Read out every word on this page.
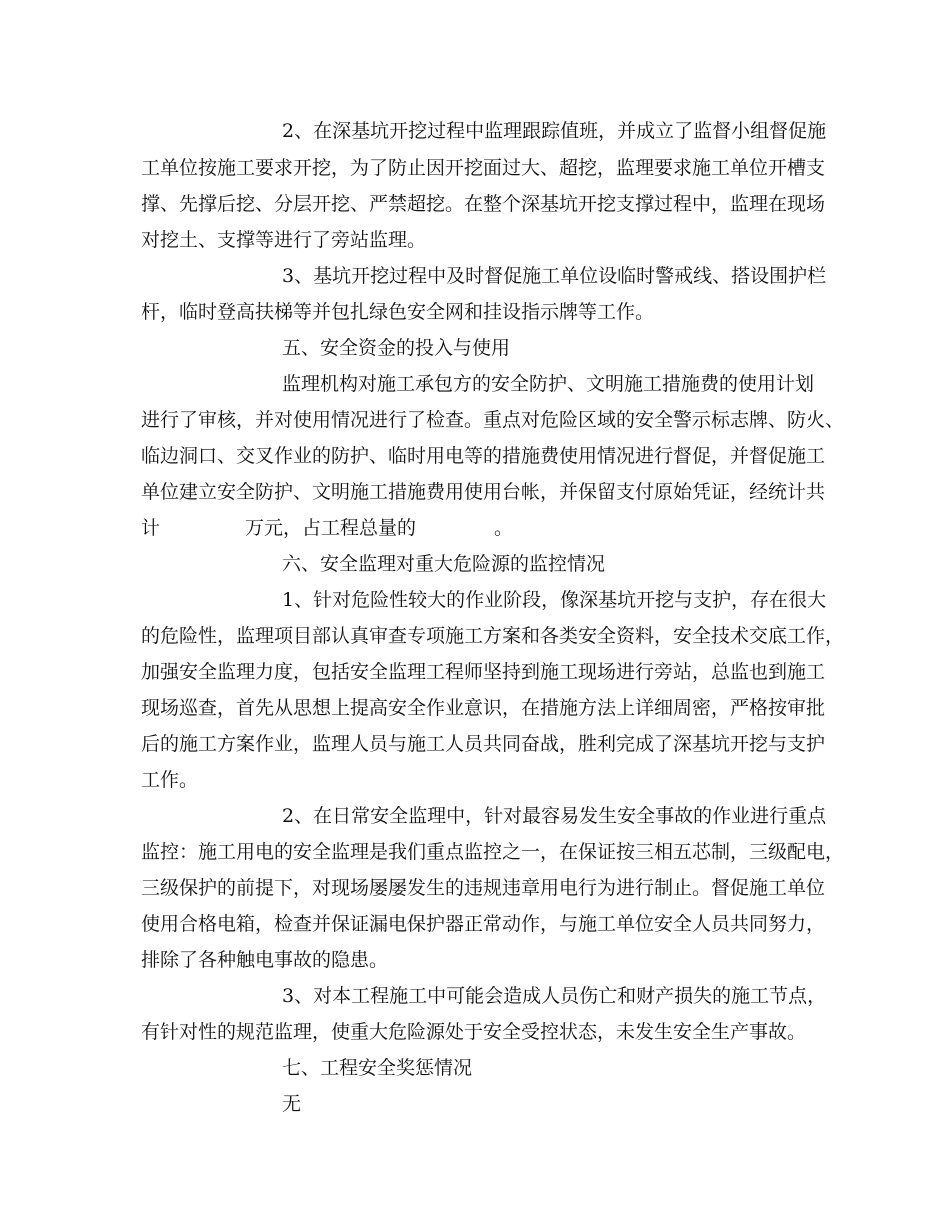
2、在深基坑开挖过程中监理跟踪值班，并成立了监督小组督促施
工单位按施工要求开挖，为了防止因开挖面过大、超挖，监理要求施工单位开槽支
撑、先撑后挖、分层开挖、严禁超挖。在整个深基坑开挖支撑过程中，监理在现场
对挖土、支撑等进行了旁站监理。
3、基坑开挖过程中及时督促施工单位设临时警戒线、搭设围护栏
杆，临时登高扶梯等并包扎绿色安全网和挂设指示牌等工作。
五、安全资金的投入与使用
监理机构对施工承包方的安全防护、文明施工措施费的使用计划
进行了审核，并对使用情况进行了检查。重点对危险区域的安全警示标志牌、防火、
临边洞口、交叉作业的防护、临时用电等的措施费使用情况进行督促，并督促施工
单位建立安全防护、文明施工措施费用使用台帐，并保留支付原始凭证，经统计共
计	万元，占工程总量的	。
六、安全监理对重大危险源的监控情况
1、针对危险性较大的作业阶段，像深基坑开挖与支护，存在很大
的危险性，监理项目部认真审查专项施工方案和各类安全资料，安全技术交底工作，
加强安全监理力度，包括安全监理工程师坚持到施工现场进行旁站，总监也到施工
现场巡查，首先从思想上提高安全作业意识，在措施方法上详细周密，严格按审批
后的施工方案作业，监理人员与施工人员共同奋战，胜利完成了深基坑开挖与支护
工作。
2、在日常安全监理中，针对最容易发生安全事故的作业进行重点
监控：施工用电的安全监理是我们重点监控之一，在保证按三相五芯制，三级配电，
三级保护的前提下，对现场屡屡发生的违规违章用电行为进行制止。督促施工单位
使用合格电箱，检查并保证漏电保护器正常动作，与施工单位安全人员共同努力，
排除了各种触电事故的隐患。
3、对本工程施工中可能会造成人员伤亡和财产损失的施工节点，
有针对性的规范监理，使重大危险源处于安全受控状态，未发生安全生产事故。
七、工程安全奖惩情况
无
